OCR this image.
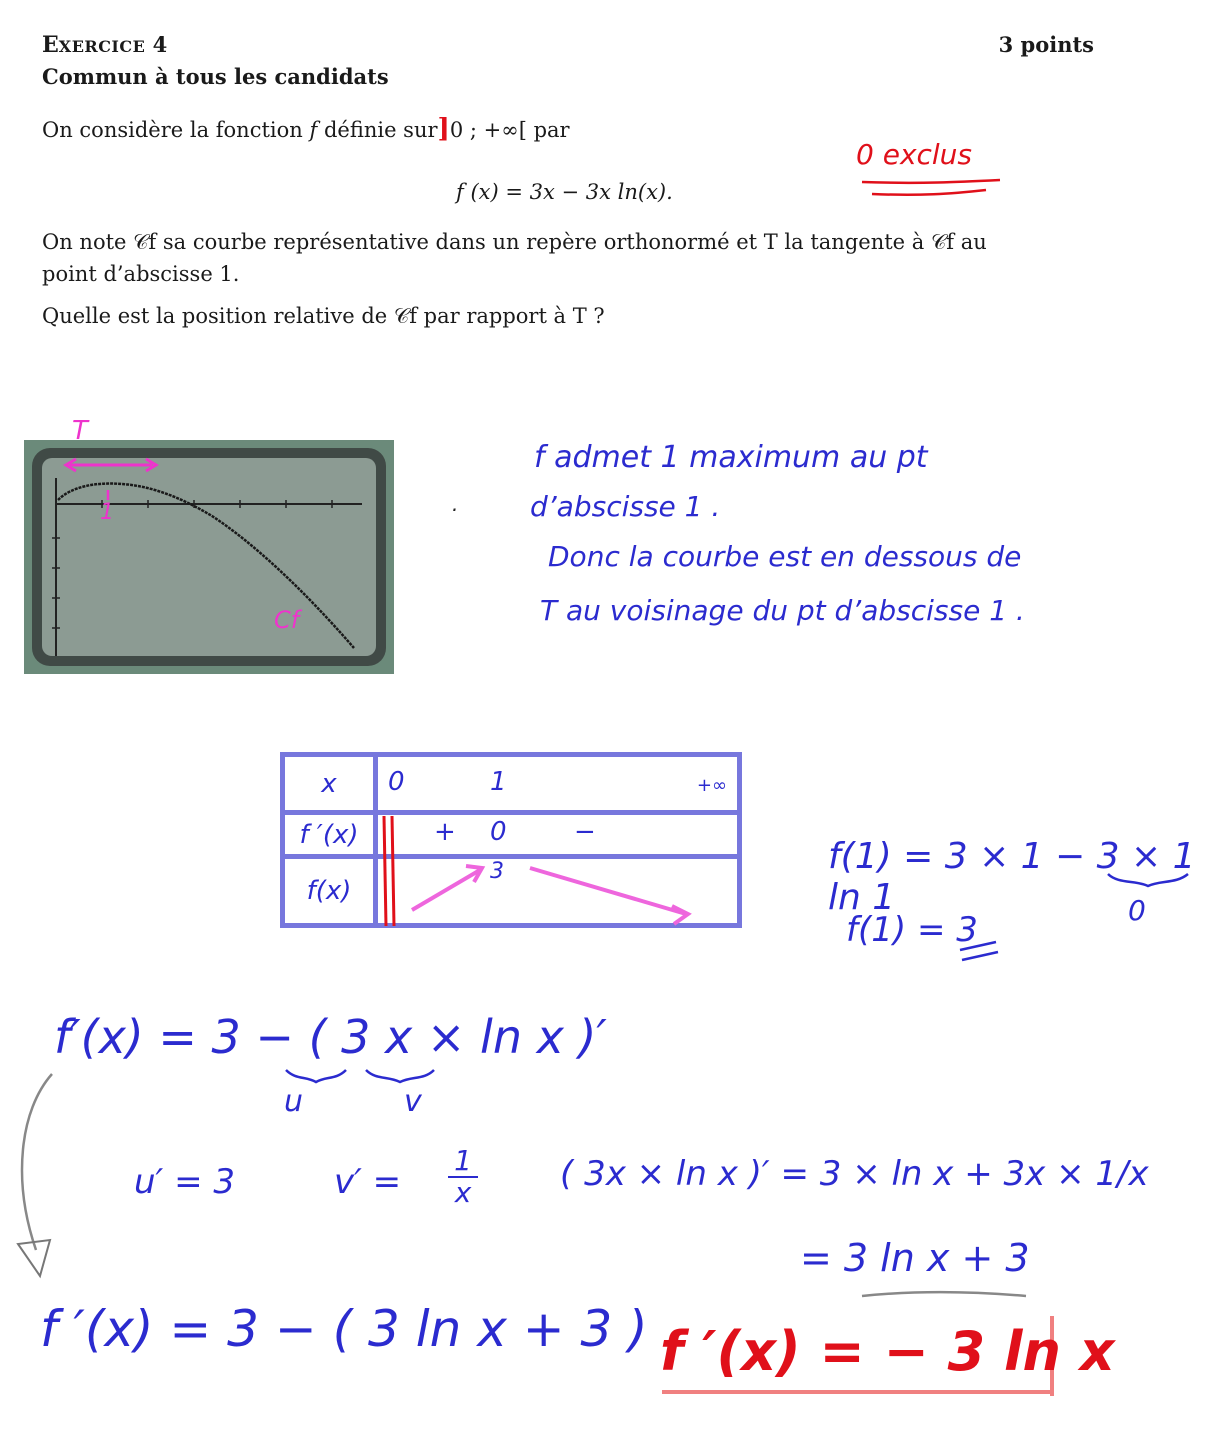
EXERCICE 4	3 points
Commun à tous les candidats
On considère la fonction f définie sur]0 ; +∞[ par
f (x) = 3x − 3x ln(x).
On note 𝒞f sa courbe représentative dans un repère orthonormé et T la tangente à 𝒞f au
point d’abscisse 1.
Quelle est la position relative de 𝒞f par rapport à T ?
0 exclus
T
1
Cf
.
f admet 1 maximum au pt
d’abscisse 1 .
Donc la courbe est en dessous de
T au voisinage du pt d’abscisse 1 .
x	0 1 +∞

f ′(x)	+ 0 −

f(x)	3	f(1) = 3 × 1 − 3 × 1 ln 1	0
f(1) = 3
f′(x) = 3 − ( 3 x × ln x )′
u	v
u′ = 3	v′ =
1
x	( 3x × ln x )′ = 3 × ln x + 3x × 1/x
= 3 ln x + 3
f ′(x) = 3 − ( 3 ln x + 3 ) f ′(x) = − 3 ln x
